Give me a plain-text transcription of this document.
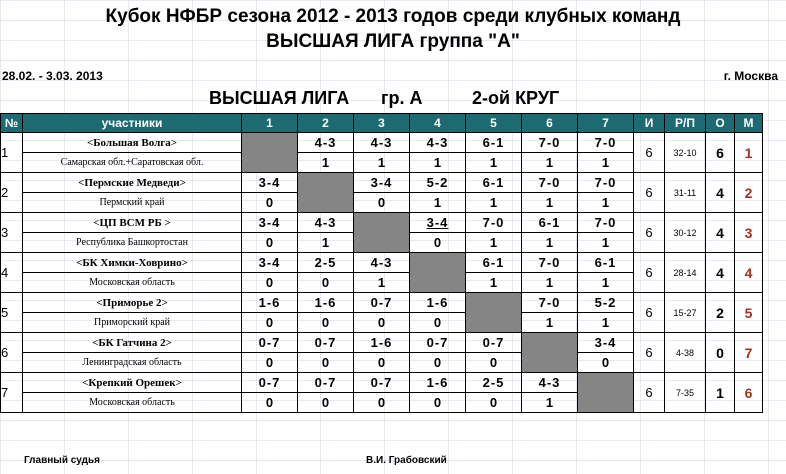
Кубок НФБР сезона 2012 - 2013 годов среди клубных команд
ВЫСШАЯ ЛИГА группа "А"
28.02. - 3.03. 2013	г. Москва
ВЫСШАЯ ЛИГА гр. А	2-ой КРУГ
№	участники	1	2	3	4	5	6	7	И	Р/П	О	М
1	<Большая Волга>		4-3	4-3	4-3	6-1	7-0	7-0	6	32-10	6	1
	Самарская обл.+Саратовская обл.		1	1	1	1	1	1				
2	<Пермские Медведи>	3-4		3-4	5-2	6-1	7-0	7-0	6	31-11	4	2
	Пермский край	0		0	1	1	1	1				
3	<ЦП ВСМ РБ >	3-4	4-3		3-4	7-0	6-1	7-0	6	30-12	4	3
	Республика Башкортостан	0	1		0	1	1	1				
4	<БК Химки-Ховрино>	3-4	2-5	4-3		6-1	7-0	6-1	6	28-14	4	4
	Московская область	0	0	1		1	1	1				
5	<Приморье 2>	1-6	1-6	0-7	1-6		7-0	5-2	6	15-27	2	5
	Приморский край	0	0	0	0		1	1				
6	<БК Гатчина 2>	0-7	0-7	1-6	0-7	0-7		3-4	6	4-38	0	7
	Ленинградская область	0	0	0	0	0		0				
7	<Крепкий Орешек>	0-7	0-7	0-7	1-6	2-5	4-3		6	7-35	1	6
	Московская область	0	0	0	0	0	1					
Главный судья	В.И. Грабовский
